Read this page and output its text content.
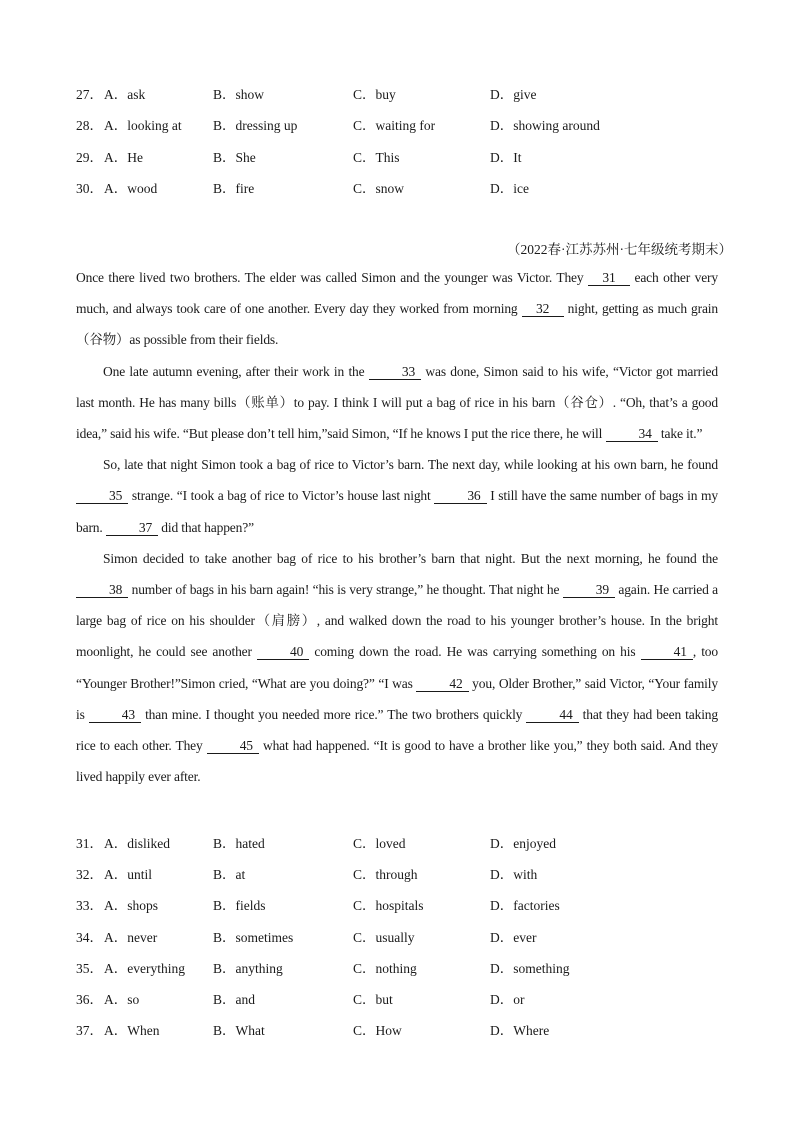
27． A．ask	B．show	C．buy	D．give
28． A．looking at B．dressing up	C．waiting for	D．showing around
29． A．He	B．She	C．This	D．It
30． A．wood	B．fire	C．snow	D．ice
（2022春·江苏苏州·七年级统考期末）

Once there lived two brothers. The elder was called Simon and the younger was Victor. They 31 each other very much, and always took care of one another. Every day they worked from morning 32 night, getting as much grain（谷物）as possible from their fields.

One late autumn evening, after their work in the 33 was done, Simon said to his wife, “Victor got married last month. He has many bills（账单）to pay. I think I will put a bag of rice in his barn（谷仓）. “Oh, that’s a good idea,” said his wife. “But please don’t tell him,”said Simon, “If he knows I put the rice there, he will 34 take it.”

So, late that night Simon took a bag of rice to Victor’s barn. The next day, while looking at his own barn, he found 35 strange. “I took a bag of rice to Victor’s house last night 36 I still have the same number of bags in my barn. 37 did that happen?”

Simon decided to take another bag of rice to his brother’s barn that night. But the next morning, he found the 38 number of bags in his barn again! “his is very strange,” he thought. That night he 39 again. He carried a large bag of rice on his shoulder（肩膀）, and walked down the road to his younger brother’s house. In the bright moonlight, he could see another 40 coming down the road. He was carrying something on his 41 , too “Younger Brother!”Simon cried, “What are you doing?” “I was 42 you, Older Brother,” said Victor, “Your family is 43 than mine. I thought you needed more rice.” The two brothers quickly 44 that they had been taking rice to each other. They 45 what had happened. “It is good to have a brother like you,” they both said. And they lived happily ever after.

31． A．disliked	B．hated	C．loved	D．enjoyed
32． A．until	B．at	C．through	D．with
33． A．shops	B．fields	C．hospitals	D．factories
34． A．never	B．sometimes	C．usually	D．ever
35． A．everything B．anything	C．nothing	D．something
36． A．so	B．and	C．but	D．or
37． A．When	B．What	C．How	D．Where
